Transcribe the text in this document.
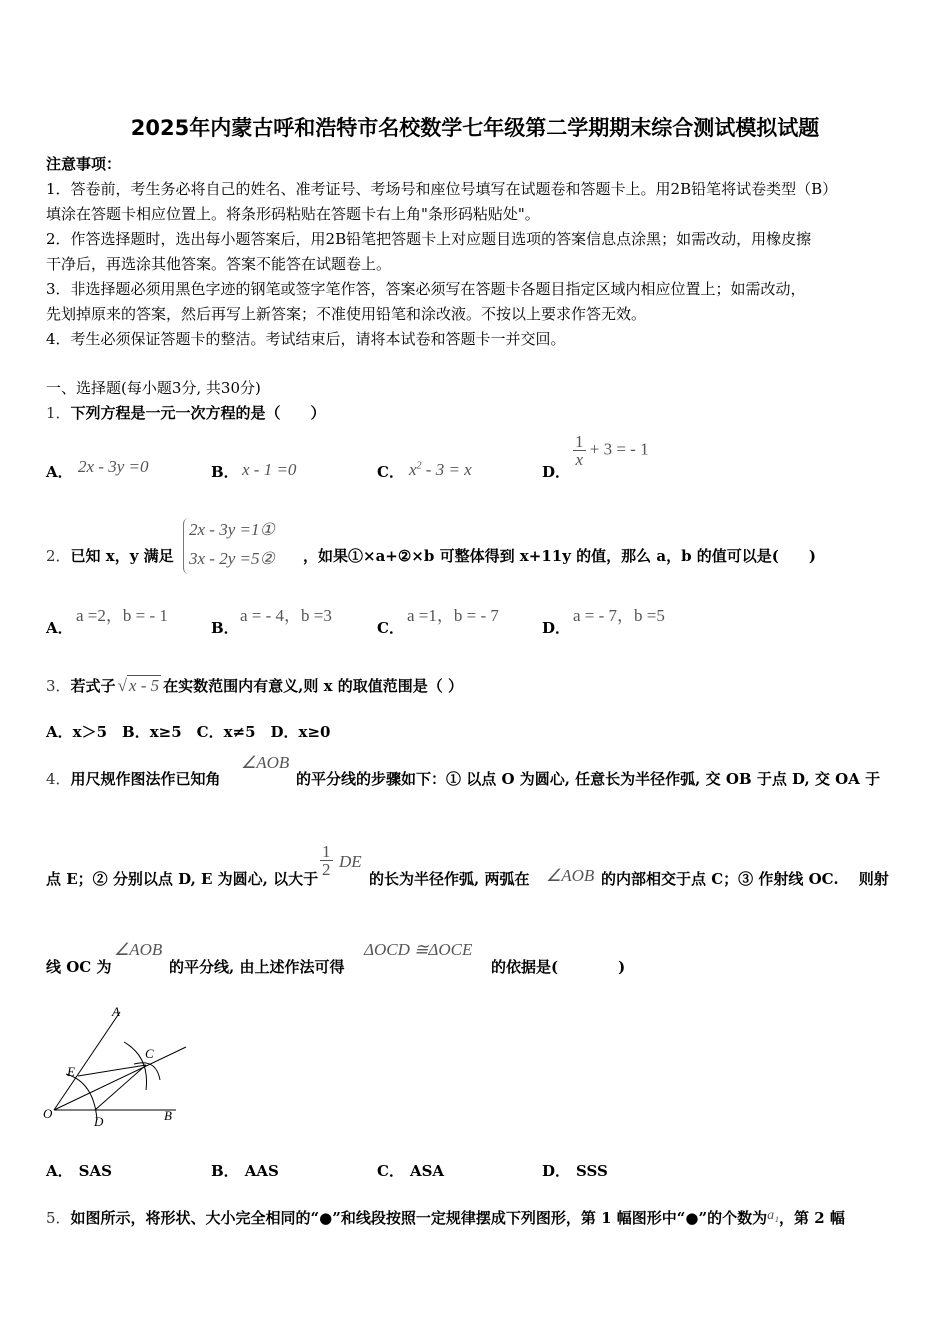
2025年内蒙古呼和浩特市名校数学七年级第二学期期末综合测试模拟试题
注意事项：
1．答卷前，考生务必将自己的姓名、准考证号、考场号和座位号填写在试题卷和答题卡上。用2B铅笔将试卷类型（B）
填涂在答题卡相应位置上。将条形码粘贴在答题卡右上角"条形码粘贴处"。
2．作答选择题时，选出每小题答案后，用2B铅笔把答题卡上对应题目选项的答案信息点涂黑；如需改动，用橡皮擦
干净后，再选涂其他答案。答案不能答在试题卷上。
3．非选择题必须用黑色字迹的钢笔或签字笔作答，答案必须写在答题卡各题目指定区域内相应位置上；如需改动，
先划掉原来的答案，然后再写上新答案；不准使用铅笔和涂改液。不按以上要求作答无效。
4．考生必须保证答题卡的整洁。考试结束后，请将本试卷和答题卡一并交回。
一、选择题(每小题3分, 共30分)
1．下列方程是一元一次方程的是（　　）
A． 2x - 3y =0	B． x - 1 =0	C． $x^2 - 3 = x$	D．
$\frac{1}{x} + 3$ = - 1
2．已知 x，y 满足
2x - 3y =1①
3x - 2y =5② ，如果①×a+②×b 可整体得到 x+11y 的值，那么 a，b 的值可以是(　　)
A．
a =2，b = - 1
B．
a = - 4，b =3
C．
a =1，b = - 7
D．
a = - 7，b =5
3．若式子 √ x - 5 在实数范围内有意义,则 x 的取值范围是（ ）
A．x＞5　B．x≥5　C．x≠5　D．x≥0
4．用尺规作图法作已知角
∠AOB
的平分线的步骤如下：① 以点 O 为圆心, 任意长为半径作弧, 交 OB 于点 D, 交 OA 于
点 E；② 分别以点 D, E 为圆心, 以大于
$\frac{1}{2}$ DE
的长为半径作弧, 两弧在 ∠AOB 的内部相交于点 C；③ 作射线 OC.　 则射
线 OC 为
∠AOB
的平分线, 由上述作法可得
ΔOCD ≅ΔOCE
的依据是(　　　　)
A
C
E
O
D	B
A． SAS	B． AAS	C． ASA	D． SSS
5．如图所示，将形状、大小完全相同的“●”和线段按照一定规律摆成下列图形，第 1 幅图形中“●”的个数为a₁，第 2 幅
